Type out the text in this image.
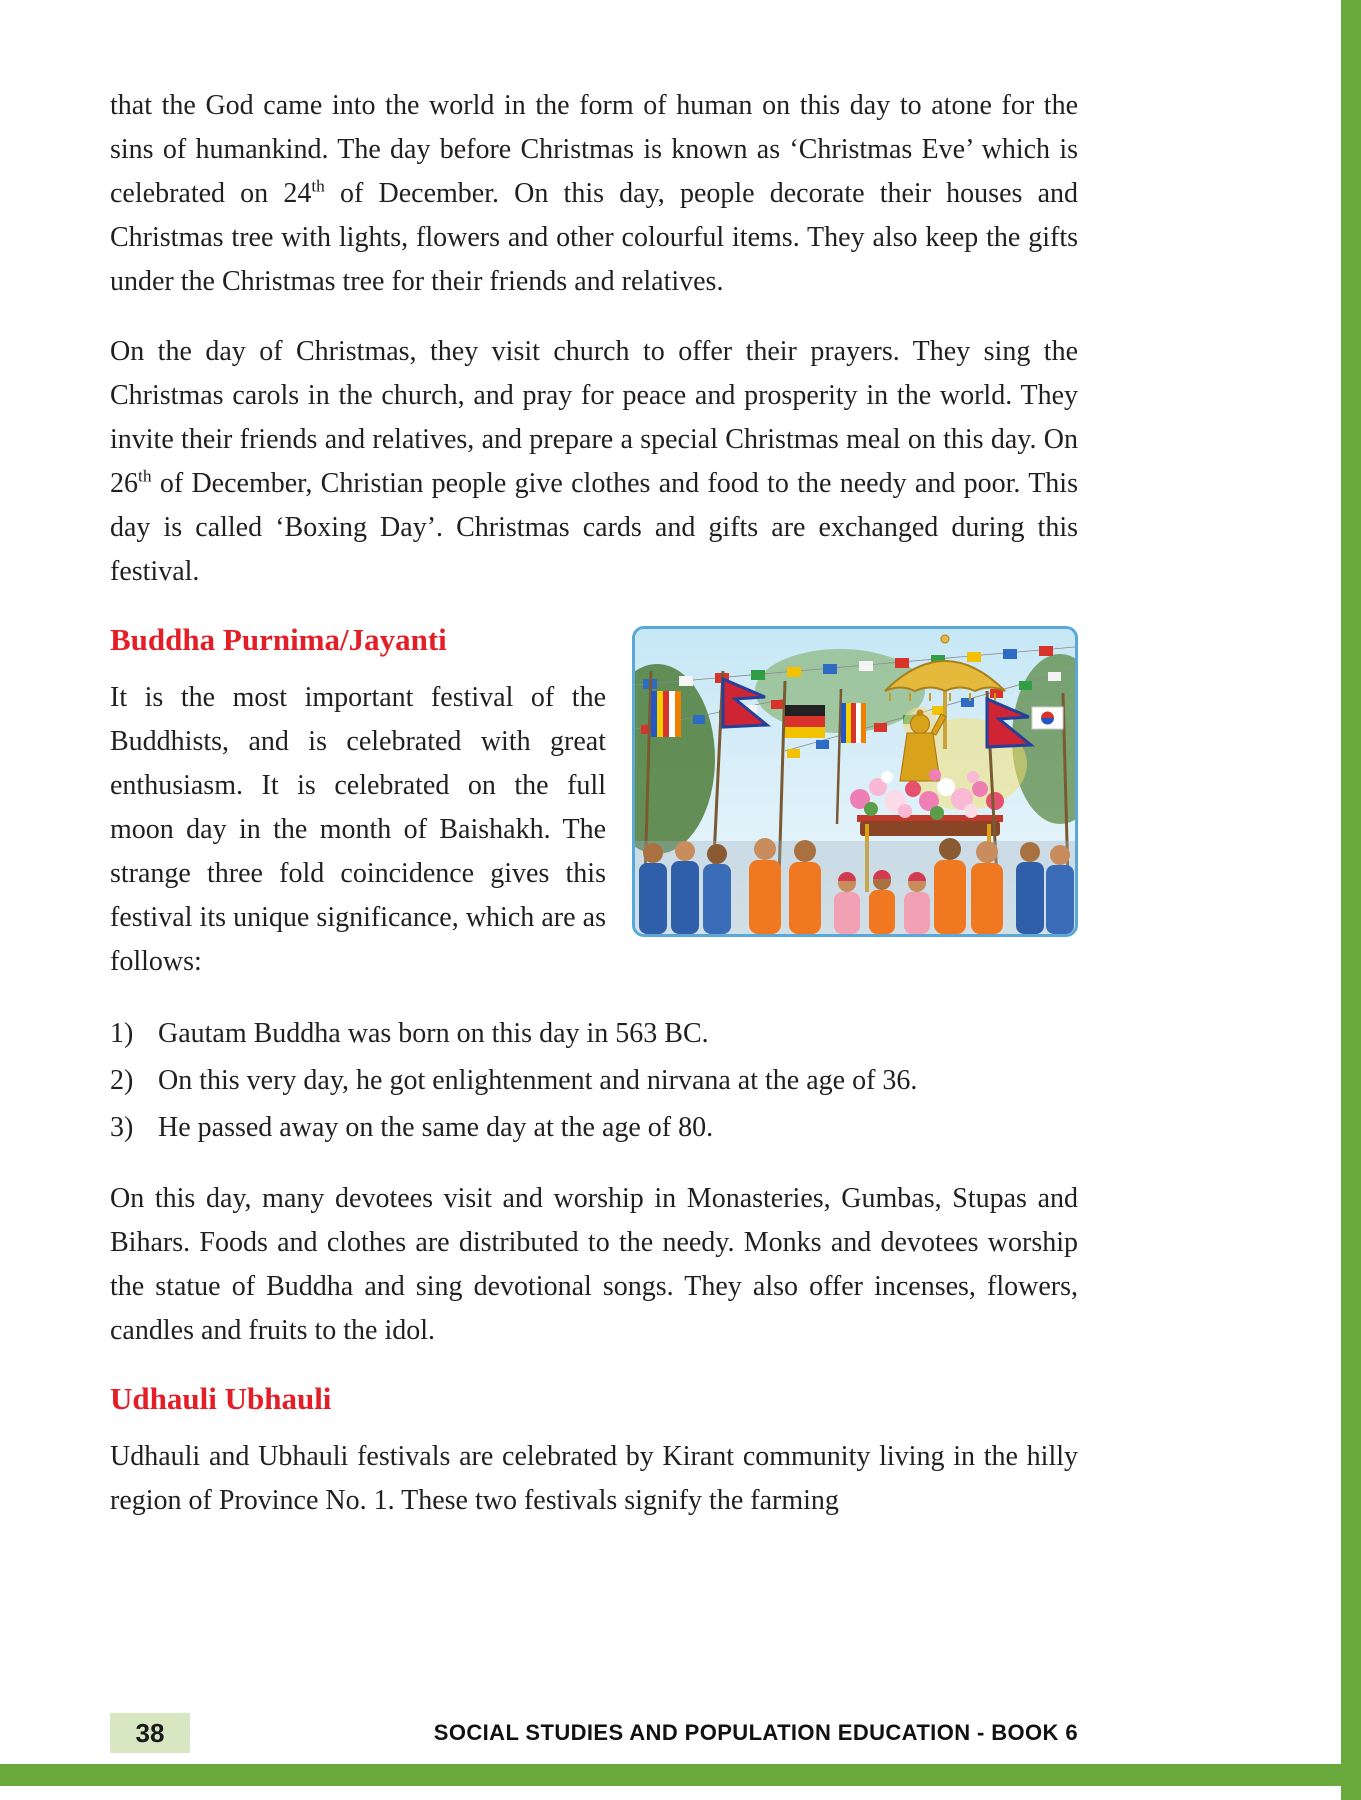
that the God came into the world in the form of human on this day to atone for the sins of humankind. The day before Christmas is known as ‘Christmas Eve’ which is celebrated on 24th of December. On this day, people decorate their houses and Christmas tree with lights, flowers and other colourful items. They also keep the gifts under the Christmas tree for their friends and relatives.

On the day of Christmas, they visit church to offer their prayers. They sing the Christmas carols in the church, and pray for peace and prosperity in the world. They invite their friends and relatives, and prepare a special Christmas meal on this day. On 26th of December, Christian people give clothes and food to the needy and poor. This day is called ‘Boxing Day’. Christmas cards and gifts are exchanged during this festival.

Buddha Purnima/Jayanti

It is the most important festival of the Buddhists, and is celebrated with great enthusiasm. It is celebrated on the full moon day in the month of Baishakh. The strange three fold coincidence gives this festival its unique significance, which are as follows:

1) Gautam Buddha was born on this day in 563 BC.
2) On this very day, he got enlightenment and nirvana at the age of 36.
3) He passed away on the same day at the age of 80.

On this day, many devotees visit and worship in Monasteries, Gumbas, Stupas and Bihars. Foods and clothes are distributed to the needy. Monks and devotees worship the statue of Buddha and sing devotional songs. They also offer incenses, flowers, candles and fruits to the idol.

Udhauli Ubhauli

Udhauli and Ubhauli festivals are celebrated by Kirant community living in the hilly region of Province No. 1. These two festivals signify the farming

38	SOCIAL STUDIES AND POPULATION EDUCATION - BOOK 6
